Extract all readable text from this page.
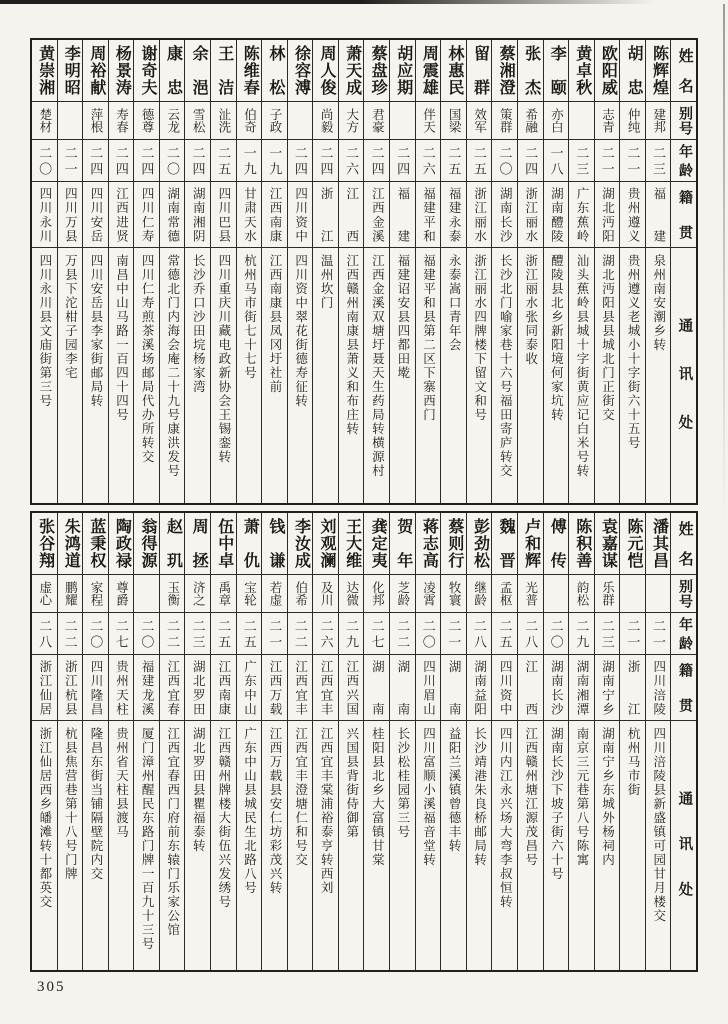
姓名
别号
年龄
籍贯
通讯处
陈辉煌
建邦
二三
福建
泉州南安潮乡转
胡忠
仲纯
二一
贵州遵义
贵州遵义老城小十字街六十五号
欧阳威
志青
二一
湖北沔阳
湖北沔阳县县城北门正街交
黄卓秋
二三
广东蕉岭
汕头蕉岭县城十字街黄应记白米号转
李颐
亦白
一八
湖南醴陵
醴陵县北乡新阳境何家坑转
张杰
希融
二四
浙江丽水
浙江丽水张同泰收
蔡湘澄
策群
二〇
湖南长沙
长沙北门喻家巷十六号福田寄庐转交
留群
效军
二五
浙江丽水
浙江丽水四牌楼下留文和号
林惠民
国梁
二五
福建永泰
永泰嵩口青年会
周震雄
伴天
二六
福建平和
福建平和县第二区下寨西门
胡应期
二四
福建
福建诏安县四都田墘
蔡盘珍
君豪
二四
江西金溪
江西金溪双塘圩聂天生药局转横源村
萧天成
大方
二六
江西
江西赣州南康县萧义和布庄转
周人俊
尚毅
二四
浙江
温州坎门
徐容溥
二四
四川资中
四川资中翠花街德寿征转
林松
子政
一九
江西南康
江西南康县凤冈圩社前
陈维春
伯奇
一九
甘肃天水
杭州马市街七十七号
王洁
沚洗
二五
四川巴县
四川重庆川藏电政新协会王锡銮转
余浥
雪松
二四
湖南湘阴
长沙乔口沙田垸杨家湾
康忠
云龙
二〇
湖南常德
常德北门内海会庵二十九号康洪发号
谢奇夫
德尊
二四
四川仁寿
四川仁寿煎茶溪场邮局代办所转交
杨景涛
寿春
二四
江西进贤
南昌中山马路一百四十四号
周裕献
萍根
二四
四川安岳
四川安岳县李家街邮局转
李明昭
二一
四川万县
万县下沱柑子园李宅
黄崇湘
楚材
二〇
四川永川
四川永川县文庙街第三号
姓名
别号
年龄
籍贯
通讯处
潘其昌
二一
四川涪陵
四川涪陵县新盛镇可园甘月楼交
陈元恺
二一
浙江
杭州马市街
袁嘉谋
乐群
二三
湖南宁乡
湖南宁乡东城外杨祠内
陈积善
韵松
二九
湖南湘潭
南京三元巷第八号陈寓
傅传
二〇
湖南长沙
湖南长沙下坡子街六十号
卢和辉
光普
二八
江西
江西赣州塘江源茂昌号
魏晋
孟枢
二五
四川资中
四川内江永兴场大弯李叔恒转
彭劲松
继龄
二八
湖南益阳
长沙靖港朱良桥邮局转
蔡则行
牧寰
二一
湖南
益阳兰溪镇曾德丰转
蒋志高
凌霄
二〇
四川眉山
四川富顺小溪福音堂转
贺年
芝龄
二二
湖南
长沙松桂园第三号
龚定夷
化邦
二七
湖南
桂阳县北乡大富镇甘棠
王大维
达微
二九
江西兴国
兴国县背街侍御第
刘观澜
及川
二六
江西宜丰
江西宜丰棠浦裕泰亨转西刘
李汝成
伯希
二二
江西宜丰
江西宜丰澄塘仁和号交
钱谦
若虚
二一
江西万载
江西万载县安仁坊彩茂兴转
萧仇
宝轮
二五
广东中山
广东中山县城民生北路八号
伍中卓
禹章
二五
江西南康
江西赣州牌楼大街伍兴发绣号
周拯
济之
二三
湖北罗田
湖北罗田县瞿福泰转
赵玑
玉衡
二二
江西宜春
江西宜春西门府前东辕门乐家公馆
翁得源
二〇
福建龙溪
厦门漳州醒民东路门牌一百九十三号
陶政禄
尊爵
二七
贵州天柱
贵州省天柱县渡马
蓝秉权
家程
二〇
四川隆昌
隆昌东街当铺隔壁院内交
朱鸿道
鹏耀
二二
浙江杭县
杭县焦营巷第十八号门牌
张谷翔
虚心
二八
浙江仙居
浙江仙居西乡皤滩转十都英交
305
